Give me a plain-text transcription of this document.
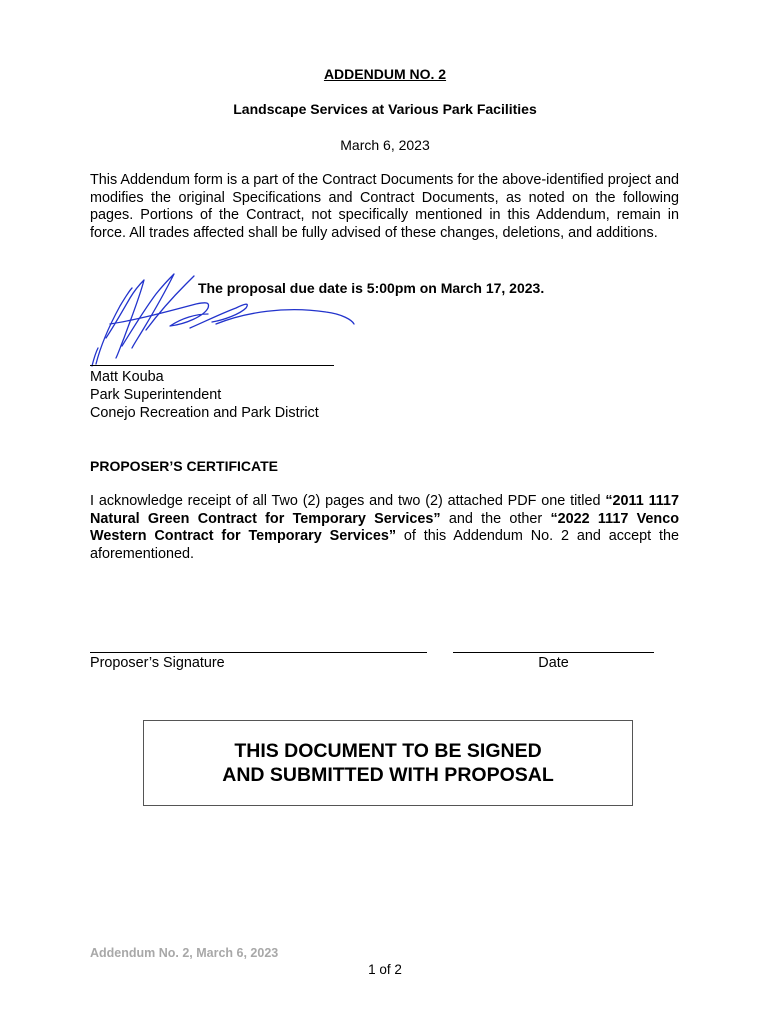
ADDENDUM NO. 2
Landscape Services at Various Park Facilities
March 6, 2023
This Addendum form is a part of the Contract Documents for the above-identified project and modifies the original Specifications and Contract Documents, as noted on the following pages. Portions of the Contract, not specifically mentioned in this Addendum, remain in force. All trades affected shall be fully advised of these changes, deletions, and additions.
The proposal due date is 5:00pm on March 17, 2023.
Matt Kouba
Park Superintendent
Conejo Recreation and Park District
PROPOSER’S CERTIFICATE
I acknowledge receipt of all Two (2) pages and two (2) attached PDF one titled “2011 1117 Natural Green Contract for Temporary Services” and the other “2022 1117 Venco Western Contract for Temporary Services” of this Addendum No. 2 and accept the aforementioned.
Proposer’s Signature	Date
THIS DOCUMENT TO BE SIGNED
AND SUBMITTED WITH PROPOSAL
Addendum No. 2, March 6, 2023
1 of 2
